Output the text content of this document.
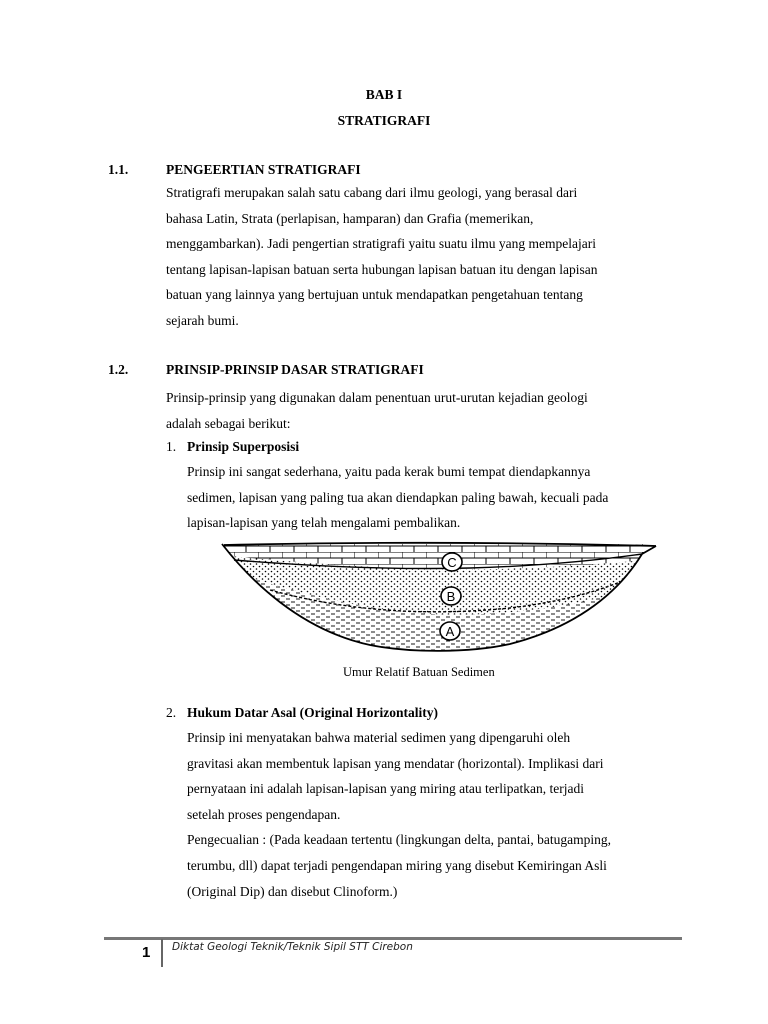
BAB I
STRATIGRAFI
1.1.	PENGEERTIAN STRATIGRAFI
Stratigrafi merupakan salah satu cabang dari ilmu geologi, yang berasal dari
bahasa Latin, Strata (perlapisan, hamparan) dan Grafia (memerikan,
menggambarkan). Jadi pengertian stratigrafi yaitu suatu ilmu yang mempelajari
tentang lapisan-lapisan batuan serta hubungan lapisan batuan itu dengan lapisan
batuan yang lainnya yang bertujuan untuk mendapatkan pengetahuan tentang
sejarah bumi.
1.2.	PRINSIP-PRINSIP DASAR STRATIGRAFI
Prinsip-prinsip yang digunakan dalam penentuan urut-urutan kejadian geologi
adalah sebagai berikut:
1. Prinsip Superposisi
Prinsip ini sangat sederhana, yaitu pada kerak bumi tempat diendapkannya
sedimen, lapisan yang paling tua akan diendapkan paling bawah, kecuali pada
lapisan-lapisan yang telah mengalami pembalikan.
C
B
A
Umur Relatif Batuan Sedimen
2. Hukum Datar Asal (Original Horizontality)
Prinsip ini menyatakan bahwa material sedimen yang dipengaruhi oleh
gravitasi akan membentuk lapisan yang mendatar (horizontal). Implikasi dari
pernyataan ini adalah lapisan-lapisan yang miring atau terlipatkan, terjadi
setelah proses pengendapan.
Pengecualian : (Pada keadaan tertentu (lingkungan delta, pantai, batugamping,
terumbu, dll) dapat terjadi pengendapan miring yang disebut Kemiringan Asli
(Original Dip) dan disebut Clinoform.)
1 Diktat Geologi Teknik/Teknik Sipil STT Cirebon
